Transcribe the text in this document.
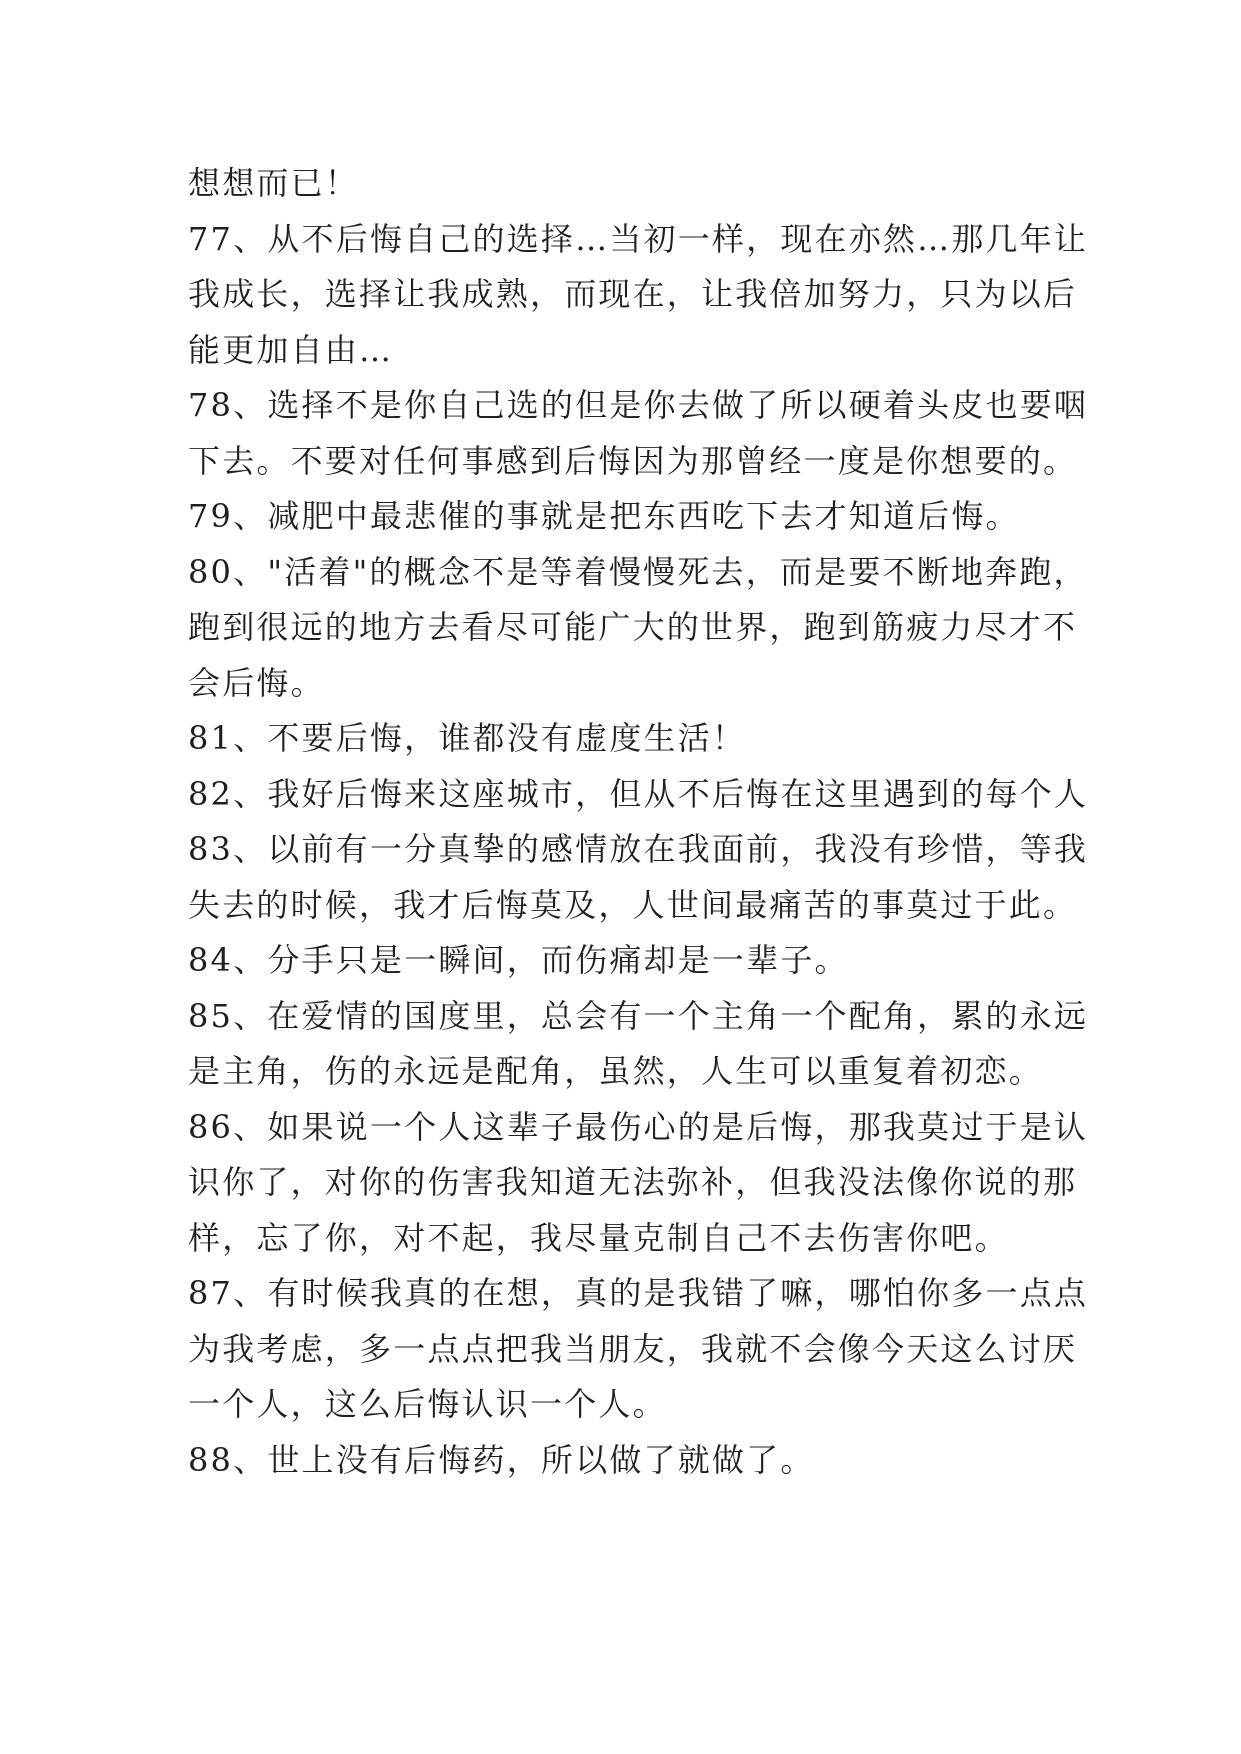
想想而已！
77、从不后悔自己的选择…当初一样，现在亦然…那几年让
我成长，选择让我成熟，而现在，让我倍加努力，只为以后
能更加自由…
78、选择不是你自己选的但是你去做了所以硬着头皮也要咽
下去。不要对任何事感到后悔因为那曾经一度是你想要的。
79、减肥中最悲催的事就是把东西吃下去才知道后悔。
80、"活着"的概念不是等着慢慢死去，而是要不断地奔跑，
跑到很远的地方去看尽可能广大的世界，跑到筋疲力尽才不
会后悔。
81、不要后悔，谁都没有虚度生活！
82、我好后悔来这座城市，但从不后悔在这里遇到的每个人
83、以前有一分真挚的感情放在我面前，我没有珍惜，等我
失去的时候，我才后悔莫及，人世间最痛苦的事莫过于此。
84、分手只是一瞬间，而伤痛却是一辈子。
85、在爱情的国度里，总会有一个主角一个配角，累的永远
是主角，伤的永远是配角，虽然，人生可以重复着初恋。
86、如果说一个人这辈子最伤心的是后悔，那我莫过于是认
识你了，对你的伤害我知道无法弥补，但我没法像你说的那
样，忘了你，对不起，我尽量克制自己不去伤害你吧。
87、有时候我真的在想，真的是我错了嘛，哪怕你多一点点
为我考虑，多一点点把我当朋友，我就不会像今天这么讨厌
一个人，这么后悔认识一个人。
88、世上没有后悔药，所以做了就做了。
